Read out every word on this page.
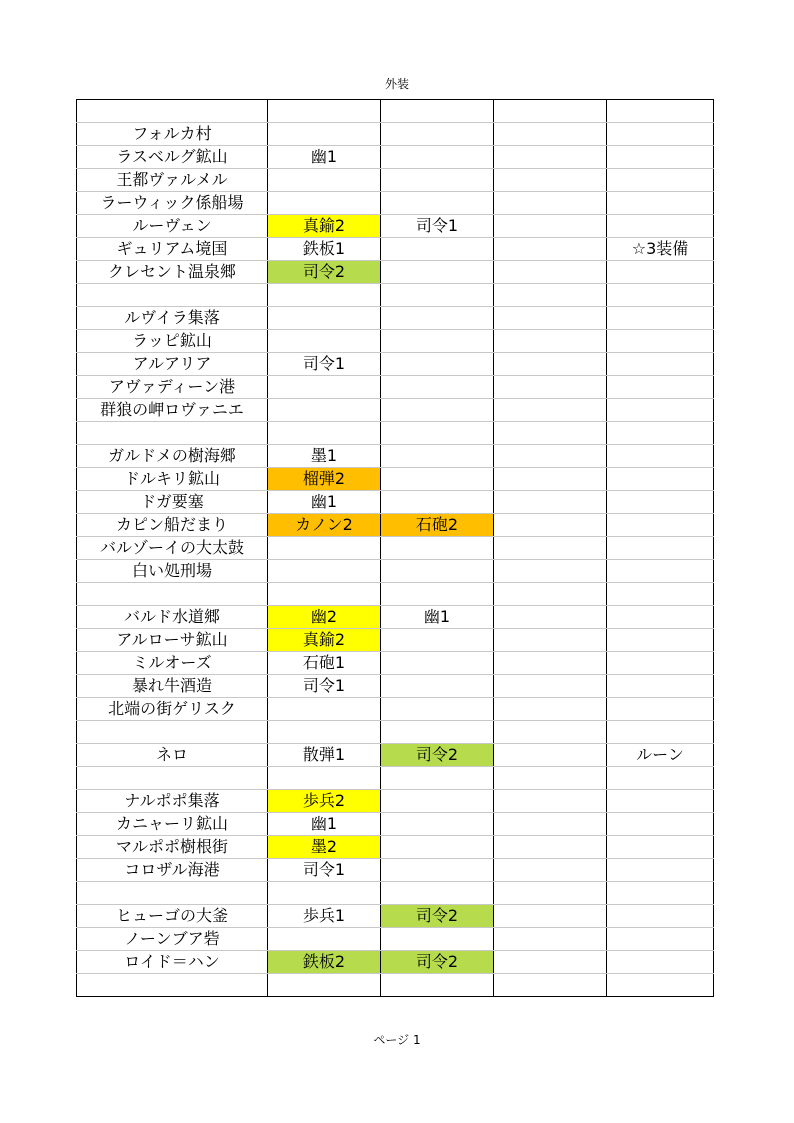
外装

フォルカ村				
ラスベルグ鉱山	幽1			
王都ヴァルメル				
ラーウィック係船場				
ルーヴェン	真鍮2	司令1		
ギュリアム境国	鉄板1			☆3装備
クレセント温泉郷	司令2			

ルヴイラ集落				
ラッピ鉱山				
アルアリア	司令1			
アヴァディーン港				
群狼の岬ロヴァニエ				

ガルドメの樹海郷	墨1			
ドルキリ鉱山	榴弾2			
ドガ要塞	幽1			
カピン船だまり	カノン2	石砲2		
バルゾーイの大太鼓				
白い処刑場				

バルド水道郷	幽2	幽1		
アルローサ鉱山	真鍮2			
ミルオーズ	石砲1			
暴れ牛酒造	司令1			
北端の街ゲリスク				

ネロ	散弾1	司令2		ルーン

ナルポポ集落	歩兵2			
カニャーリ鉱山	幽1			
マルポポ樹根街	墨2			
コロザル海港	司令1			

ヒューゴの大釜	歩兵1	司令2		
ノーンブア砦				
ロイド＝ハン	鉄板2	司令2		

ページ 1
